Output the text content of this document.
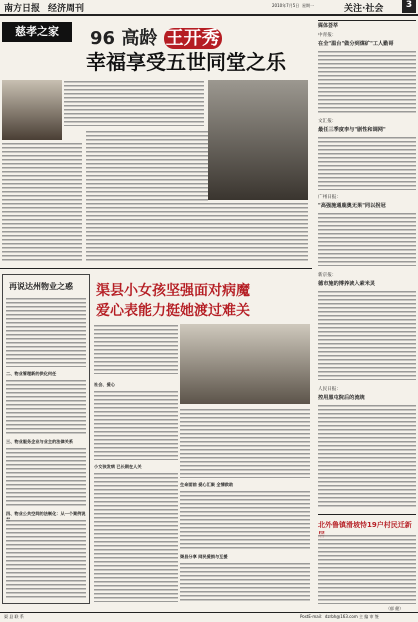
南方日报 经济周刊	2010年7月5日 星期一	关注·社会	3
慈孝之家	96 高龄 王开秀
幸福享受五世同堂之乐
媒体荟萃
中青报：
在全"温台"做分到煤矿"工人勤哥
文汇报：
最任三季度李与"剧性和调网"
广州日报：
"高强施通鹿奥无果"同以拐冠
新京报：
德市施的博养读入索米灵
人民日报：
控用黑屯院后的流统
北外鲁镇滑坡恃19户村民迁新
（郁 健）
再说达州物业之惑
二、物业管理新的供化何任
三、物业服务企业与业主的法律关系
四、物业公共空间的法制化：从一个案例说
渠县小女孩坚强面对病魔
爱心表能力挺她渡过难关
社会、爱心
小女孩发病 已长期在人关
生命面前 爱心汇聚 全情救助
渠县分享 网民爱捐与互援
渠 县 联 系	PostE-mail：dzrbh@163.com 主 编 审 签
